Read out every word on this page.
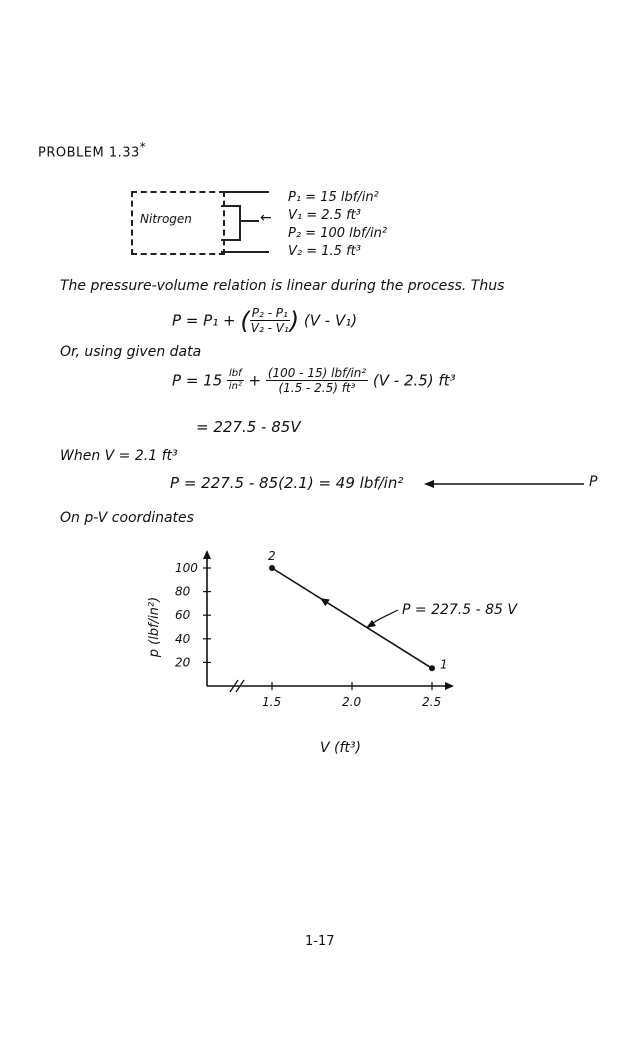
PROBLEM 1.33*
Nitrogen	←
P₁ = 15 lbf/in²
V₁ = 2.5 ft³
P₂ = 100 lbf/in²
V₂ = 1.5 ft³
The pressure-volume relation is linear during the process. Thus
P = P₁ + ( $\frac{\text{P₂ - P₁}}{\text{V₂ - V₁}}$ ) (V - V₁)
Or, using given data
$P = 15 \frac{\text{lbf}}{\text{in²}} + \frac{\text{(100 - 15) lbf/in²}}{\text{(1.5 - 2.5) ft³}} (V - 2.5)$ ft³
= 227.5 - 85V
When V = 2.1 ft³
P = 227.5 - 85(2.1) = 49 lbf/in²	P
On p-V coordinates
1-17
100
80
60
40
20
1.5	2.0	2.5
V (ft³)
p (lbf/in²)
1
2
P = 227.5 - 85 V
